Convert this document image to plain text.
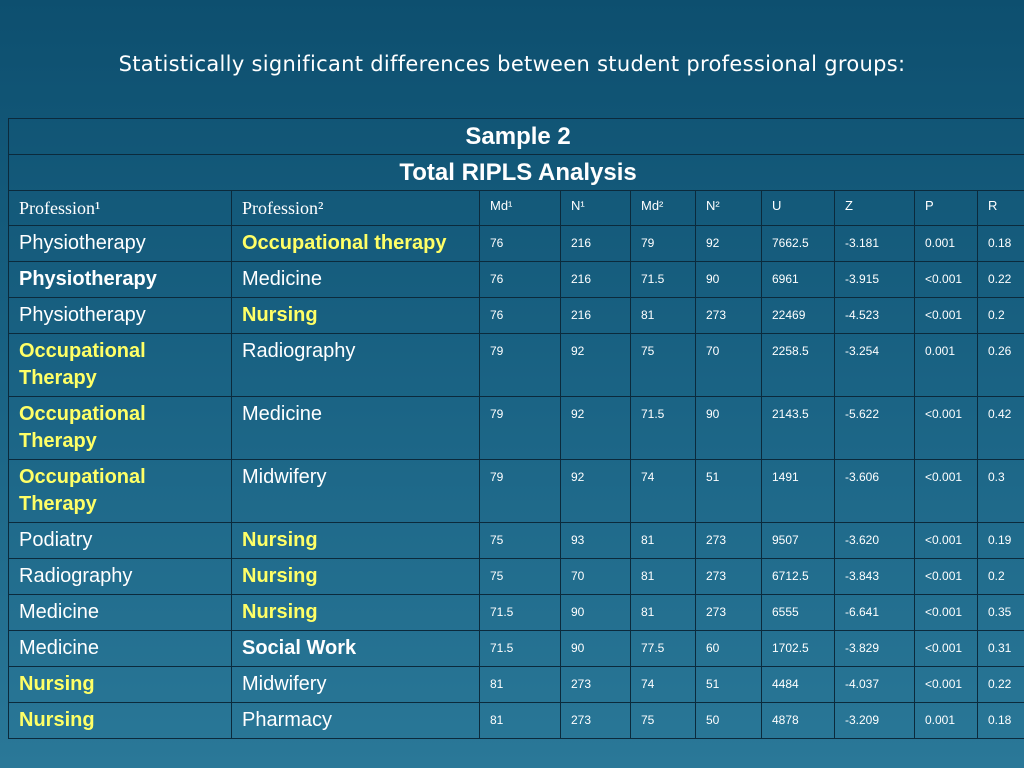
Statistically significant differences between student professional groups:
Sample 2									
Total RIPLS Analysis									
Profession¹	Profession²	Md¹	N¹	Md²	N²	U	Z	P	R
Physiotherapy	Occupational therapy	76	216	79	92	7662.5	-3.181	0.001	0.18
Physiotherapy	Medicine	76	216	71.5	90	6961	-3.915	<0.001	0.22
Physiotherapy	Nursing	76	216	81	273	22469	-4.523	<0.001	0.2
Occupational Therapy	Radiography	79	92	75	70	2258.5	-3.254	0.001	0.26
Occupational Therapy	Medicine	79	92	71.5	90	2143.5	-5.622	<0.001	0.42
Occupational Therapy	Midwifery	79	92	74	51	1491	-3.606	<0.001	0.3
Podiatry	Nursing	75	93	81	273	9507	-3.620	<0.001	0.19
Radiography	Nursing	75	70	81	273	6712.5	-3.843	<0.001	0.2
Medicine	Nursing	71.5	90	81	273	6555	-6.641	<0.001	0.35
Medicine	Social Work	71.5	90	77.5	60	1702.5	-3.829	<0.001	0.31
Nursing	Midwifery	81	273	74	51	4484	-4.037	<0.001	0.22
Nursing	Pharmacy	81	273	75	50	4878	-3.209	0.001	0.18
